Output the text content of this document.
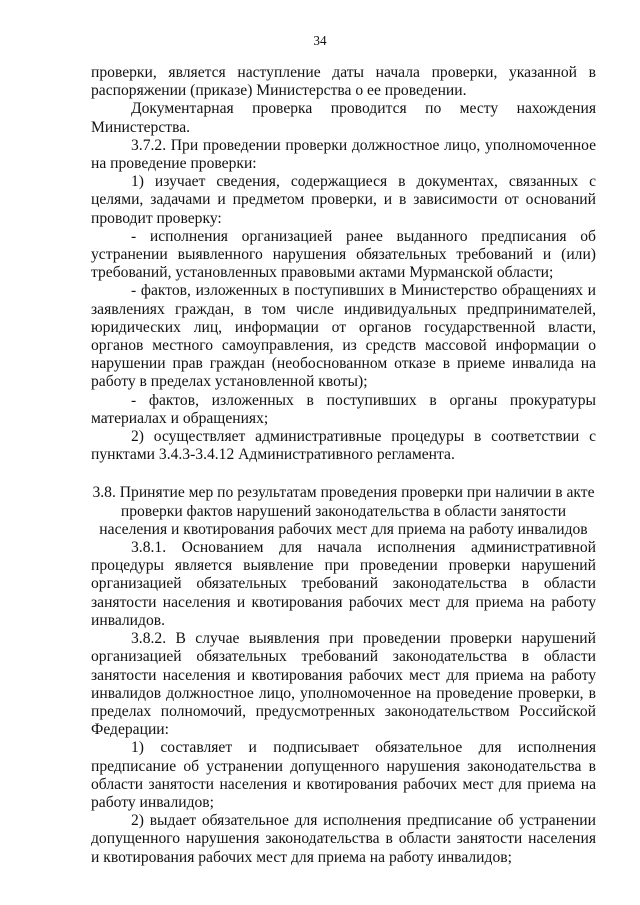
34

проверки, является наступление даты начала проверки, указанной в распоряжении (приказе) Министерства о ее проведении.

Документарная проверка проводится по месту нахождения Министерства.

3.7.2. При проведении проверки должностное лицо, уполномоченное на проведение проверки:

1) изучает сведения, содержащиеся в документах, связанных с целями, задачами и предметом проверки, и в зависимости от оснований проводит проверку:

- исполнения организацией ранее выданного предписания об устранении выявленного нарушения обязательных требований и (или) требований, установленных правовыми актами Мурманской области;

- фактов, изложенных в поступивших в Министерство обращениях и заявлениях граждан, в том числе индивидуальных предпринимателей, юридических лиц, информации от органов государственной власти, органов местного самоуправления, из средств массовой информации о нарушении прав граждан (необоснованном отказе в приеме инвалида на работу в пределах установленной квоты);

- фактов, изложенных в поступивших в органы прокуратуры материалах и обращениях;

2) осуществляет административные процедуры в соответствии с пунктами 3.4.3-3.4.12 Административного регламента.

3.8. Принятие мер по результатам проведения проверки при наличии в акте проверки фактов нарушений законодательства в области занятости населения и квотирования рабочих мест для приема на работу инвалидов

3.8.1. Основанием для начала исполнения административной процедуры является выявление при проведении проверки нарушений организацией обязательных требований законодательства в области занятости населения и квотирования рабочих мест для приема на работу инвалидов.

3.8.2. В случае выявления при проведении проверки нарушений организацией обязательных требований законодательства в области занятости населения и квотирования рабочих мест для приема на работу инвалидов должностное лицо, уполномоченное на проведение проверки, в пределах полномочий, предусмотренных законодательством Российской Федерации:

1) составляет и подписывает обязательное для исполнения предписание об устранении допущенного нарушения законодательства в области занятости населения и квотирования рабочих мест для приема на работу инвалидов;

2) выдает обязательное для исполнения предписание об устранении допущенного нарушения законодательства в области занятости населения и квотирования рабочих мест для приема на работу инвалидов;
